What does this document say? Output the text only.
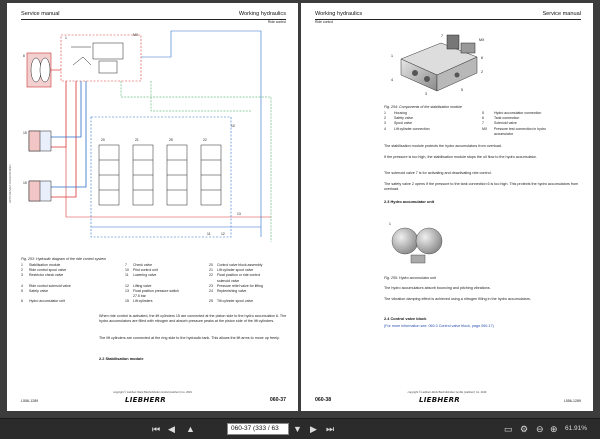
Service manual	Working hydraulics
Ride control
LWT/PS/EN/E/T-8/11/22/2019/EN
MX
6
1
15
15
20	21	25	22
10
13
11	12
Fig. 253: Hydraulic diagram of the ride control system
1	Stabilisation module	7	Check valve	20	Control valve block assembly
2	Ride control spool valve	10	Pilot control unit	21	Lift cylinder spool valve
3	Restrictor check valve	11	Lowering valve	22	Float position or ride control
solenoid valve
4	Ride control solenoid valve	12	Lifting valve	23	Pressure relief valve for lifting
5	Safety valve	13	Float position pressure switch	24	Replenishing valve
27.5 bar
6	Hydro accumulator unit	15	Lift cylinders	25	Tilt cylinder spool valve
When ride control is activated, the lift cylinders 15 are connected at the piston side to the hydro accumulator 6. The hydro accumulators are filled with nitrogen and absorb pressure peaks at the piston side of the lift cylinders.
The lift cylinders are connected at the ring side to the hydraulic tank. This allows the lift arms to move up freely.
2.2 Stabilisation module
copyright © Liebherr-Werk Bischofshofen GmbH (Liebherr) Co. 2019
LIEBHERR	060-37
L556-1289
Working hydraulics	Service manual
Ride control
1
7
MX
6
2
4
3
5
Fig. 254: Components of the stabilisation module
1	Housing	5	Hydro accumulator connection
2	Safety valve	6	Tank connection
3	Spool valve	7	Solenoid valve
4	Lift cylinder connection	MX	Pressure test connection in hydro
accumulator
The stabilisation module protects the hydro accumulators from overload.
If the pressure is too high, the stabilisation module stops the oil flow to the hydro accumulator.
The solenoid valve 7 is for activating and deactivating ride control.
The safety valve 2 opens if the pressure to the tank connection 6 is too high. This protects the hydro accumulators from overload.
2.3 Hydro accumulator unit
1
Fig. 255: Hydro accumulator unit
The hydro accumulators absorb bouncing and pitching vibrations.
The vibration damping effect is achieved using a nitrogen filling in the hydro accumulators.
2.4 Control valve block
(For more information see: 060.3 Control valve block, page 060-17)
copyright © Liebherr-Werk Bischofshofen GmbH (Liebherr) Co. 2019
LIEBHERR
060-38	L556-1289
⏮ ◀ ▲	060-37 (333 / 63	▼ ▶ ⏭	▭ ⚙ ⊖ ⊕ 61.91%
